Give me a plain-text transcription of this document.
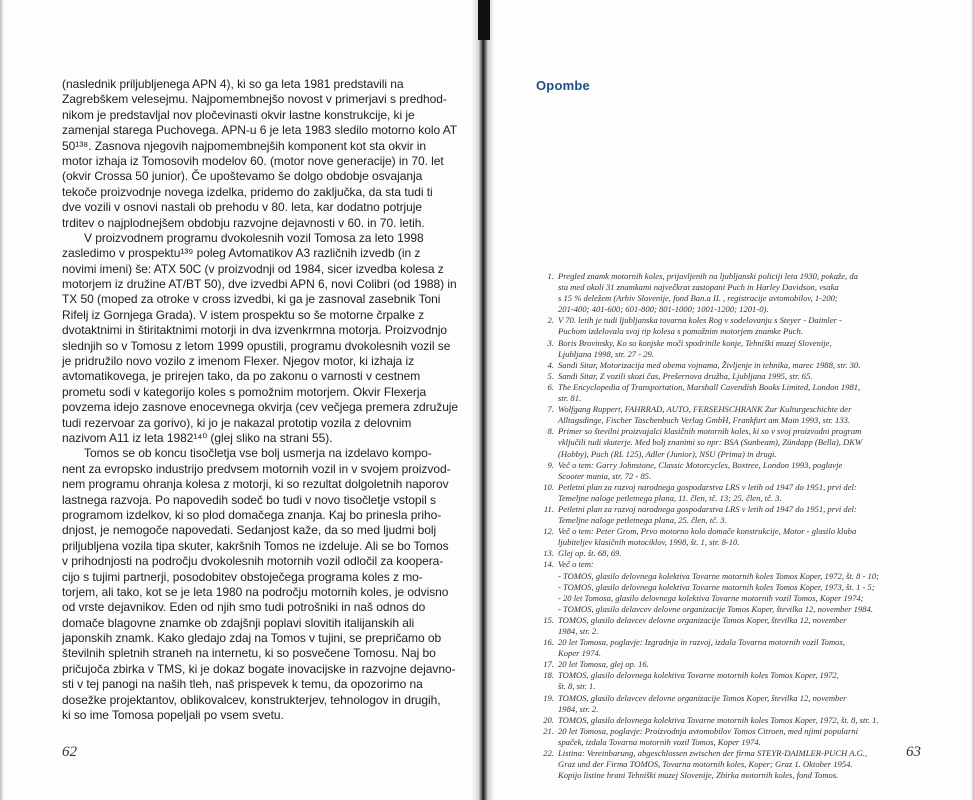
(naslednik priljubljenega APN 4), ki so ga leta 1981 predstavili na
Zagrebškem velesejmu. Najpomembnejšo novost v primerjavi s predhod-
nikom je predstavljal nov pločevinasti okvir lastne konstrukcije, ki je
zamenjal starega Puchovega. APN-u 6 je leta 1983 sledilo motorno kolo AT
50¹³⁸. Zasnova njegovih najpomembnejših komponent kot sta okvir in
motor izhaja iz Tomosovih modelov 60. (motor nove generacije) in 70. let
(okvir Crossa 50 junior). Če upoštevamo še dolgo obdobje osvajanja
tekoče proizvodnje novega izdelka, pridemo do zaključka, da sta tudi ti
dve vozili v osnovi nastali ob prehodu v 80. leta, kar dodatno potrjuje
trditev o najplodnejšem obdobju razvojne dejavnosti v 60. in 70. letih.
V proizvodnem programu dvokolesnih vozil Tomosa za leto 1998
zasledimo v prospektu¹³⁹ poleg Avtomatikov A3 različnih izvedb (in z
novimi imeni) še: ATX 50C (v proizvodnji od 1984, sicer izvedba kolesa z
motorjem iz družine AT/BT 50), dve izvedbi APN 6, novi Colibri (od 1988) in
TX 50 (moped za otroke v cross izvedbi, ki ga je zasnoval zasebnik Toni
Rifelj iz Gornjega Grada). V istem prospektu so še motorne črpalke z
dvotaktnimi in štiritaktnimi motorji in dva izvenkrmna motorja. Proizvodnjo
slednjih so v Tomosu z letom 1999 opustili, programu dvokolesnih vozil se
je pridružilo novo vozilo z imenom Flexer. Njegov motor, ki izhaja iz
avtomatikovega, je prirejen tako, da po zakonu o varnosti v cestnem
prometu sodi v kategorijo koles s pomožnim motorjem. Okvir Flexerja
povzema idejo zasnove enocevnega okvirja (cev večjega premera združuje
tudi rezervoar za gorivo), ki jo je nakazal prototip vozila z delovnim
nazivom A11 iz leta 1982¹⁴⁰ (glej sliko na strani 55).
Tomos se ob koncu tisočletja vse bolj usmerja na izdelavo kompo-
nent za evropsko industrijo predvsem motornih vozil in v svojem proizvod-
nem programu ohranja kolesa z motorji, ki so rezultat dolgoletnih naporov
lastnega razvoja. Po napovedih sodeč bo tudi v novo tisočletje vstopil s
programom izdelkov, ki so plod domačega znanja. Kaj bo prinesla priho-
dnjost, je nemogoče napovedati. Sedanjost kaže, da so med ljudmi bolj
priljubljena vozila tipa skuter, kakršnih Tomos ne izdeluje. Ali se bo Tomos
v prihodnjosti na področju dvokolesnih motornih vozil odločil za koopera-
cijo s tujimi partnerji, posodobitev obstoječega programa koles z mo-
torjem, ali tako, kot se je leta 1980 na področju motornih koles, je odvisno
od vrste dejavnikov. Eden od njih smo tudi potrošniki in naš odnos do
domače blagovne znamke ob zdajšnji poplavi slovitih italijanskih ali
japonskih znamk. Kako gledajo zdaj na Tomos v tujini, se prepričamo ob
številnih spletnih straneh na internetu, ki so posvečene Tomosu. Naj bo
pričujoča zbirka v TMS, ki je dokaz bogate inovacijske in razvojne dejavno-
sti v tej panogi na naših tleh, naš prispevek k temu, da opozorimo na
dosežke projektantov, oblikovalcev, konstrukterjev, tehnologov in drugih,
ki so ime Tomosa popeljali po vsem svetu.
62
Opombe
1. Pregled znamk motornih koles, prijavljenih na ljubljanski policiji leta 1930, pokaže, da
sta med okoli 31 znamkami največkrat zastopani Puch in Harley Davidson, vsaka
s 15 % deležem (Arhiv Slovenije, fond Ban.a II. , registracije avtomobilov, 1-200;
201-400; 401-600; 601-800; 801-1000; 1001-1200; 1201-0).
2. V 70. letih je tudi ljubljanska tovarna koles Rog v sodelovanju s Steyer - Daimler -
Puchom izdelovala svoj tip kolesa s pomožnim motorjem znamke Puch.
3. Boris Brovinsky, Ko so konjske moči spodrinile konje, Tehniški muzej Slovenije,
Ljubljana 1998, str. 27 - 29.
4. Sandi Sitar, Motorizacija med obema vojnama, Življenje in tehnika, marec 1988, str. 30.
5. Sandi Sitar, Z vozili skozi čas, Prešernova družba, Ljubljana 1995, str. 65.
6. The Encyclopedia of Transportation, Marshall Cavendish Books Limited, London 1981,
str. 81.
7. Wolfgang Ruppert, FAHRRAD, AUTO, FERSEHSCHRANK Zur Kulturgeschichte der
Alltagsdinge, Fischer Taschenbuch Verlag GmbH, Frankfurt am Main 1993, str. 133.
8. Primer so številni proizvajalci klasičnih motornih koles, ki so v svoj proizvodni program
vključili tudi skuterje. Med bolj znanimi so npr: BSA (Sunbeam), Zündapp (Bella), DKW
(Hobby), Puch (RL 125), Adler (Junior), NSU (Prima) in drugi.
9. Več o tem: Garry Johnstone, Classic Motorcycles, Boxtree, London 1993, poglavje
Scooter mania, str. 72 - 85.
10. Petletni plan za razvoj narodnega gospodarstva LRS v letih od 1947 do 1951, prvi del:
Temeljne naloge petletnega plana, 11. člen, tč. 13; 25. člen, tč. 3.
11. Petletni plan za razvoj narodnega gospodarstva LRS v letih od 1947 do 1951, prvi del:
Temeljne naloge petletnega plana, 25. člen, tč. 3.
12. Več o tem: Peter Grom, Prvo motorno kolo domače konstrukcije, Motor - glasilo kluba
ljubiteljev klasičnih motociklov, 1998, št. 1, str. 8-10.
13. Glej op. št. 68, 69.
14. Več o tem:
- TOMOS, glasilo delovnega kolektiva Tovarne motornih koles Tomos Koper, 1972, št. 8 - 10;
- TOMOS, glasilo delovnega kolektiva Tovarne motornih koles Tomos Koper, 1973, št. 1 - 5;
- 20 let Tomosa, glasilo delovnega kolektiva Tovarne motornih vozil Tomos, Koper 1974;
- TOMOS, glasilo delavcev delovne organizacije Tomos Koper, številka 12, november 1984.
15. TOMOS, glasilo delavcev delovne organizacije Tomos Koper, številka 12, november
1984, str. 2.
16. 20 let Tomosa, poglavje: Izgradnja in razvoj, izdala Tovarna motornih vozil Tomos,
Koper 1974.
17. 20 let Tomosa, glej op. 16.
18. TOMOS, glasilo delovnega kolektiva Tovarne motornih koles Tomos Koper, 1972,
št. 8, str. 1.
19. TOMOS, glasilo delavcev delovne organizacije Tomos Koper, številka 12, november
1984, str. 2.
20. TOMOS, glasilo delovnega kolektiva Tovarne motornih koles Tomos Koper, 1972, št. 8, str. 1.
21. 20 let Tomosa, poglavje: Proizvodnja avtomobilov Tomos Citroen, med njimi popularni
spaček, izdala Tovarna motornih vozil Tomos, Koper 1974.
22. Listina: Vereinbarung, abgeschlossen zwischen der firma STEYR-DAIMLER-PUCH A.G.,
Graz und der Firma TOMOS, Tovarna motornih koles, Koper; Graz 1. Oktober 1954.
Kopijo listine hrani Tehniški muzej Slovenije, Zbirka motornih koles, fond Tomos.
63
